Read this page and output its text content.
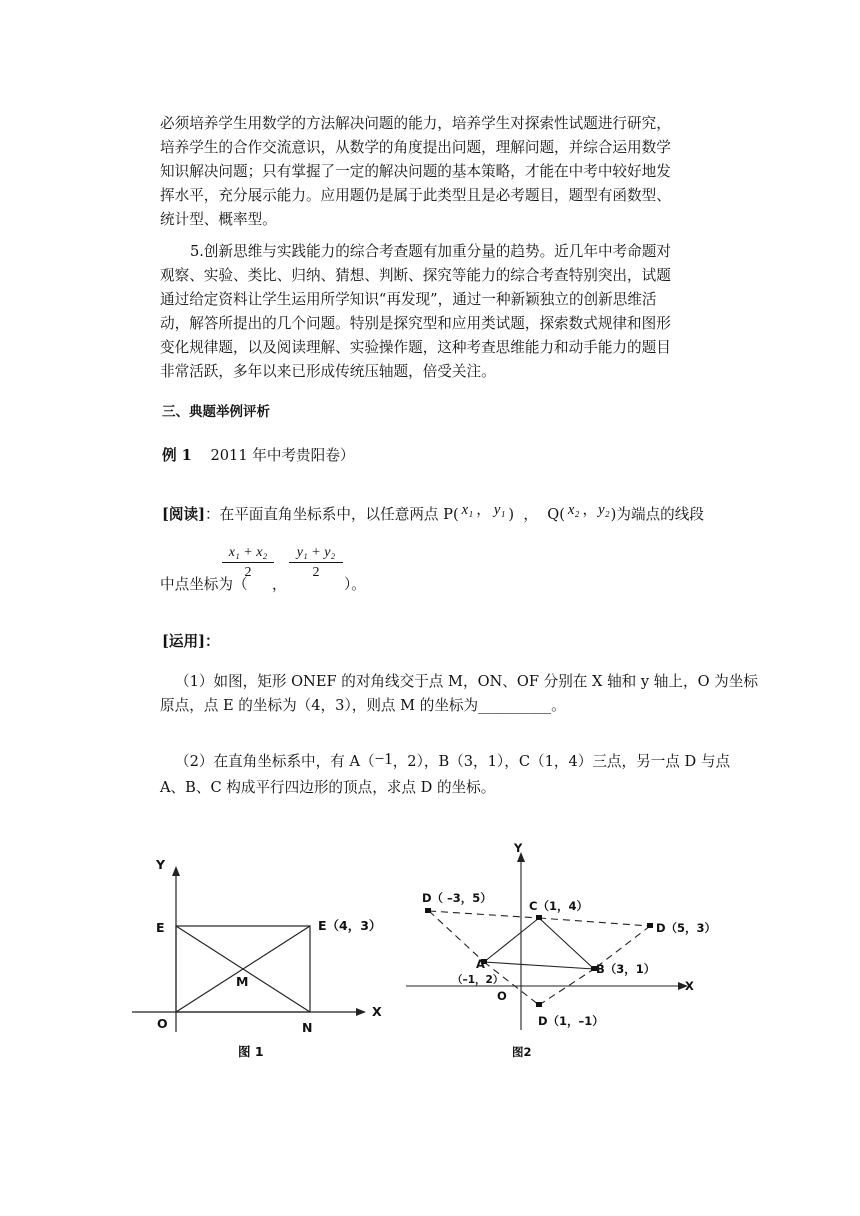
必须培养学生用数学的方法解决问题的能力，培养学生对探索性试题进行研究，
培养学生的合作交流意识，从数学的角度提出问题，理解问题，并综合运用数学
知识解决问题；只有掌握了一定的解决问题的基本策略，才能在中考中较好地发
挥水平，充分展示能力。应用题仍是属于此类型且是必考题目，题型有函数型、
统计型、概率型。
5.创新思维与实践能力的综合考查题有加重分量的趋势。近几年中考命题对
观察、实验、类比、归纳、猜想、判断、探究等能力的综合考查特别突出，试题
通过给定资料让学生运用所学知识“再发现”，通过一种新颖独立的创新思维活
动，解答所提出的几个问题。特别是探究型和应用类试题，探索数式规律和图形
变化规律题，以及阅读理解、实验操作题，这种考查思维能力和动手能力的题目
非常活跃，多年以来已形成传统压轴题，倍受关注。
三、典题举例评析
例 1 2011 年中考贵阳卷）
[阅读]：在平面直角坐标系中，以任意两点 P( x₁ ， y₁ )  ，  Q( x₂ ，y₂)为端点的线段
中点坐标为（
x₁ + x₂
2
，
y₁ + y₂
2
）。
[运用]：
（1）如图，矩形 ONEF 的对角线交于点 M，ON、OF 分别在 X 轴和 y 轴上，O 为坐标
原点，点 E 的坐标为（4，3），则点 M 的坐标为__________。
（2）在直角坐标系中，有 A（−1，2），B（3，1），C（1，4）三点，另一点 D 与点
A、B、C 构成平行四边形的顶点，求点 D 的坐标。
Y
X
O
E	E（4，3）
M
N
图 1
Y
X
O
D（ –3，5）
C（1，4）
D（5，3）
A
（–1，2）
B（3，1）
D（1，–1）
图2
